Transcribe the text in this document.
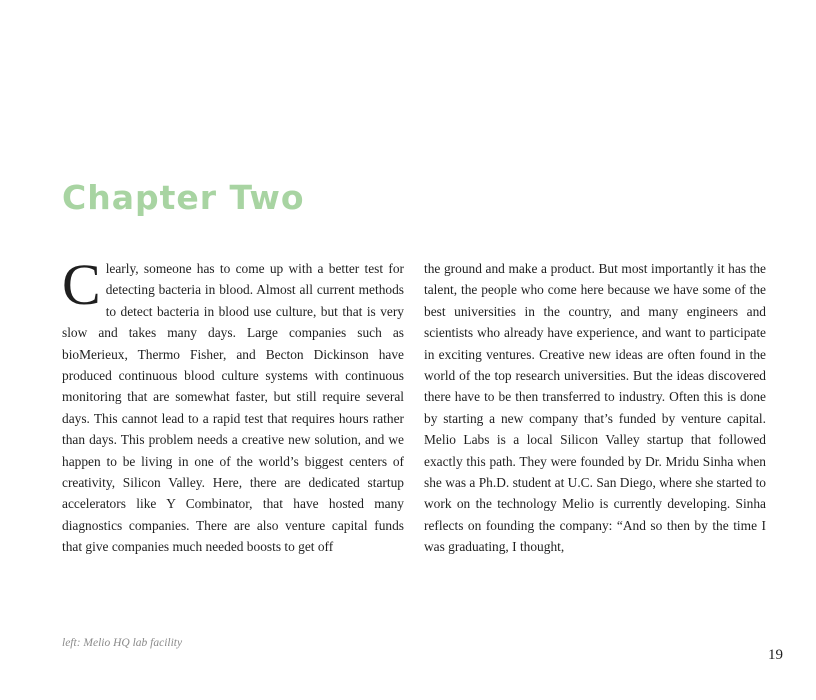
Chapter Two

Clearly, someone has to come up with a better test for detecting bacteria in blood. Almost all current methods to detect bacteria in blood use culture, but that is very slow and takes many days. Large companies such as bioMerieux, Thermo Fisher, and Becton Dickinson have produced continuous blood culture systems with continuous monitoring that are somewhat faster, but still require several days. This cannot lead to a rapid test that requires hours rather than days. This problem needs a creative new solution, and we happen to be living in one of the world’s biggest centers of creativity, Silicon Valley. Here, there are dedicated startup accelerators like Y Combinator, that have hosted many diagnostics companies. There are also venture capital funds that give companies much needed boosts to get off

the ground and make a product. But most importantly it has the talent, the people who come here because we have some of the best universities in the country, and many engineers and scientists who already have experience, and want to participate in exciting ventures. Creative new ideas are often found in the world of the top research universities. But the ideas discovered there have to be then transferred to industry. Often this is done by starting a new company that’s funded by venture capital. Melio Labs is a local Silicon Valley startup that followed exactly this path. They were founded by Dr. Mridu Sinha when she was a Ph.D. student at U.C. San Diego, where she started to work on the technology Melio is currently developing. Sinha reflects on founding the company: “And so then by the time I was graduating, I thought,

left: Melio HQ lab facility
19
